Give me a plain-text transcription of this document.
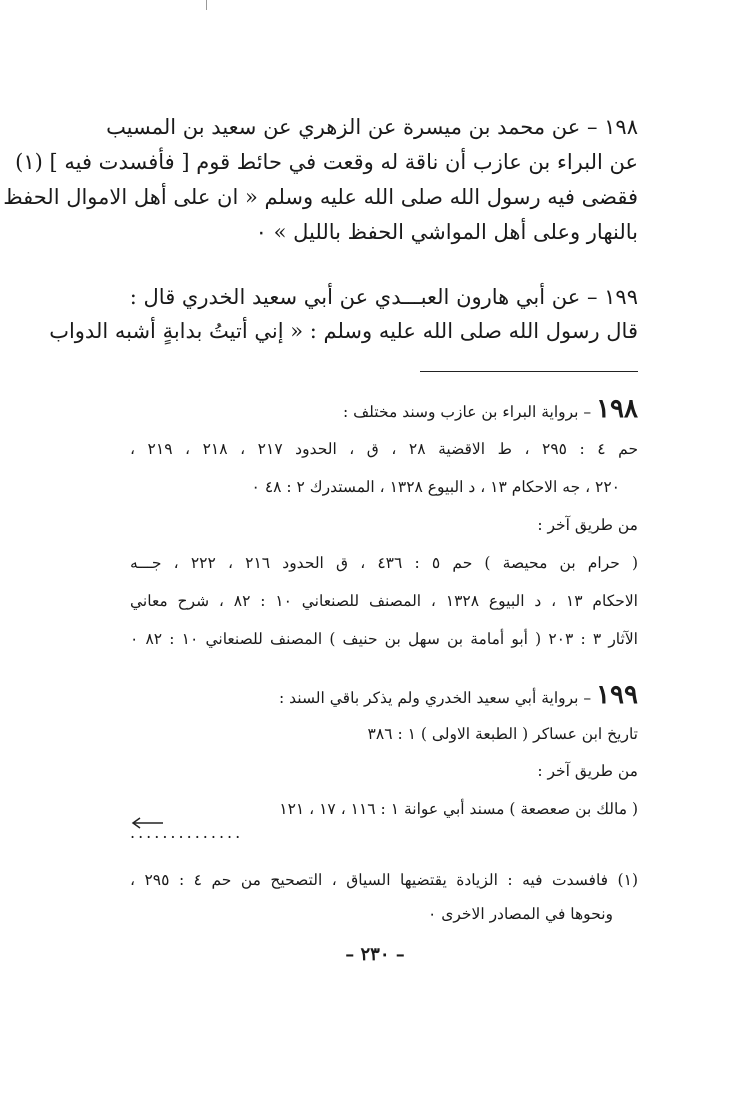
١٩٨ – عن محمد بن ميسرة عن الزهري عن سعيد بن المسيب
عن البراء بن عازب أن ناقة له وقعت في حائط قوم [ فأفسدت فيه ] (١)
فقضى فيه رسول الله صلى الله عليه وسلم « ان على أهل الاموال الحفظ
بالنهار وعلى أهل المواشي الحفظ بالليل » ٠
١٩٩ – عن أبي هارون العبـــدي عن أبي سعيد الخدري قال :
قال رسول الله صلى الله عليه وسلم : « إني أتيتُ بدابةٍ أشبه الدواب
١٩٨ – برواية البراء بن عازب وسند مختلف :
حم ٤ : ٢٩٥ ، ط الاقضية ٢٨ ، ق ، الحدود ٢١٧ ، ٢١٨ ، ٢١٩ ،
٢٢٠ ، جه الاحكام ١٣ ، د البيوع ١٣٢٨ ، المستدرك ٢ : ٤٨ ٠
من طريق آخر :
( حرام بن محيصة ) حم ٥ : ٤٣٦ ، ق الحدود ٢١٦ ، ٢٢٢ ، جـــه
الاحكام ١٣ ، د البيوع ١٣٢٨ ، المصنف للصنعاني ١٠ : ٨٢ ، شرح معاني
الآثار ٣ : ٢٠٣ ( أبو أمامة بن سهل بن حنيف ) المصنف للصنعاني ١٠ : ٨٢ ٠
١٩٩ – برواية أبي سعيد الخدري ولم يذكر باقي السند :
تاريخ ابن عساكر ( الطبعة الاولى ) ١ : ٣٨٦
من طريق آخر :
( مالك بن صعصعة ) مسند أبي عوانة ١ : ١١٦ ، ١٧ ، ١٢١
..............
(١) فافسدت فيه : الزيادة يقتضيها السياق ، التصحيح من حم ٤ : ٢٩٥ ،
ونحوها في المصادر الاخرى ٠
– ٢٣٠ –
